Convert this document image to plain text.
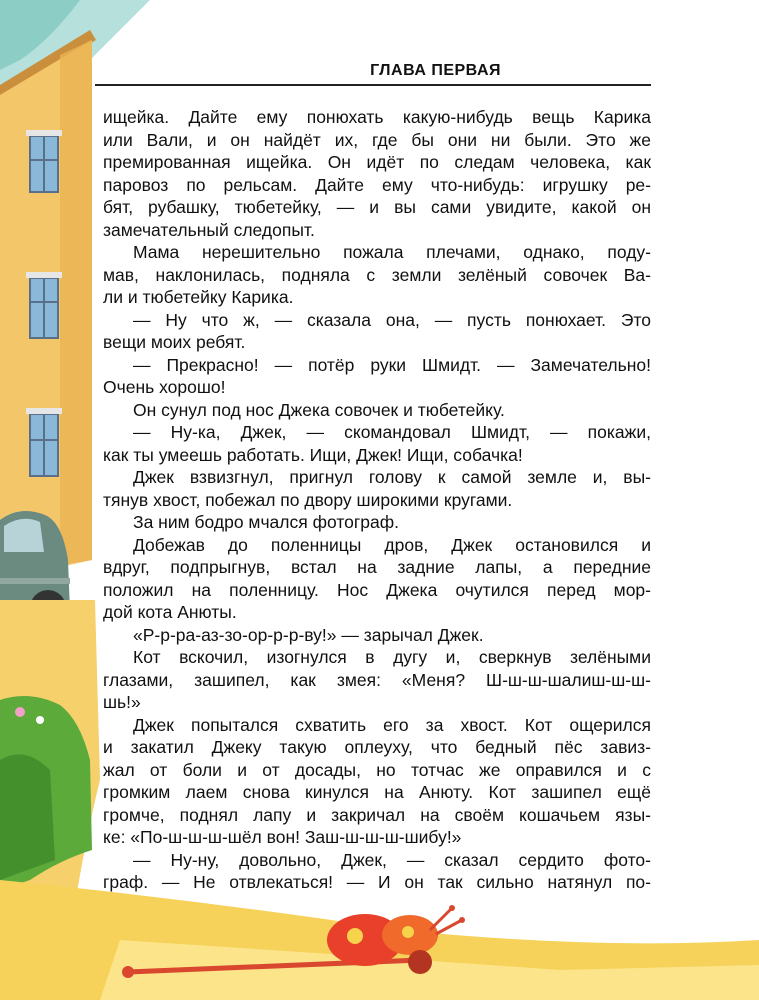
ГЛАВА ПЕРВАЯ
ищейка. Дайте ему понюхать какую-нибудь вещь Карика
или Вали, и он найдёт их, где бы они ни были. Это же
премированная ищейка. Он идёт по следам человека, как
паровоз по рельсам. Дайте ему что-нибудь: игрушку ре-
бят, рубашку, тюбетейку, — и вы сами увидите, какой он
замечательный следопыт.
Мама нерешительно пожала плечами, однако, поду-
мав, наклонилась, подняла с земли зелёный совочек Ва-
ли и тюбетейку Карика.
— Ну что ж, — сказала она, — пусть понюхает. Это
вещи моих ребят.
— Прекрасно! — потёр руки Шмидт. — Замечательно!
Очень хорошо!
Он сунул под нос Джека совочек и тюбетейку.
— Ну-ка, Джек, — скомандовал Шмидт, — покажи,
как ты умеешь работать. Ищи, Джек! Ищи, собачка!
Джек взвизгнул, пригнул голову к самой земле и, вы-
тянув хвост, побежал по двору широкими кругами.
За ним бодро мчался фотограф.
Добежав до поленницы дров, Джек остановился и
вдруг, подпрыгнув, встал на задние лапы, а передние
положил на поленницу. Нос Джека очутился перед мор-
дой кота Анюты.
«Р-р-ра-аз-зо-ор-р-р-ву!» — зарычал Джек.
Кот вскочил, изогнулся в дугу и, сверкнув зелёными
глазами, зашипел, как змея: «Меня? Ш-ш-ш-шалиш-ш-ш-
шь!»
Джек попытался схватить его за хвост. Кот ощерился
и закатил Джеку такую оплеуху, что бедный пёс завиз-
жал от боли и от досады, но тотчас же оправился и с
громким лаем снова кинулся на Анюту. Кот зашипел ещё
громче, поднял лапу и закричал на своём кошачьем язы-
ке: «По-ш-ш-ш-шёл вон! Заш-ш-ш-ш-шибу!»
— Ну-ну, довольно, Джек, — сказал сердито фото-
граф. — Не отвлекаться! — И он так сильно натянул по-
